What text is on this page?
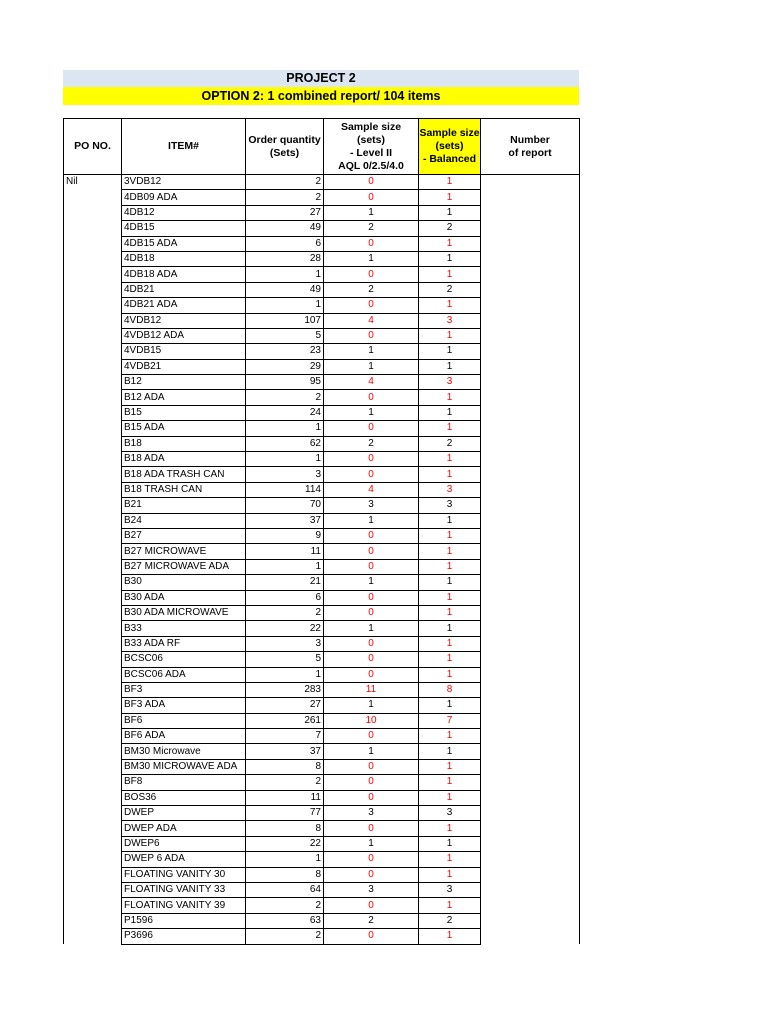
PROJECT 2
OPTION 2: 1 combined report/ 104 items
PO NO.	ITEM#	Order quantity
(Sets)	Sample size
(sets)
- Level II
AQL 0/2.5/4.0	Sample size
(sets)
- Balanced	Number
of report

Nil	3VDB12	2	0	1	
	4DB09 ADA	2	0	1	
	4DB12	27	1	1	
	4DB15	49	2	2	
	4DB15 ADA	6	0	1	
	4DB18	28	1	1	
	4DB18 ADA	1	0	1	
	4DB21	49	2	2	
	4DB21 ADA	1	0	1	
	4VDB12	107	4	3	
	4VDB12 ADA	5	0	1	
	4VDB15	23	1	1	
	4VDB21	29	1	1	
	B12	95	4	3	
	B12 ADA	2	0	1	
	B15	24	1	1	
	B15 ADA	1	0	1	
	B18	62	2	2	
	B18 ADA	1	0	1	
	B18 ADA TRASH CAN	3	0	1	
	B18 TRASH CAN	114	4	3	
	B21	70	3	3	
	B24	37	1	1	
	B27	9	0	1	
	B27 MICROWAVE	11	0	1	
	B27 MICROWAVE ADA	1	0	1	
	B30	21	1	1	
	B30 ADA	6	0	1	
	B30 ADA MICROWAVE	2	0	1	
	B33	22	1	1	
	B33 ADA RF	3	0	1	
	BCSC06	5	0	1	
	BCSC06 ADA	1	0	1	
	BF3	283	11	8	
	BF3 ADA	27	1	1	
	BF6	261	10	7	
	BF6 ADA	7	0	1	
	BM30 Microwave	37	1	1	
	BM30 MICROWAVE ADA	8	0	1	
	BF8	2	0	1	
	BOS36	11	0	1	
	DWEP	77	3	3	
	DWEP ADA	8	0	1	
	DWEP6	22	1	1	
	DWEP 6 ADA	1	0	1	
	FLOATING VANITY 30	8	0	1	
	FLOATING VANITY 33	64	3	3	
	FLOATING VANITY 39	2	0	1	
	P1596	63	2	2	
	P3696	2	0	1	
